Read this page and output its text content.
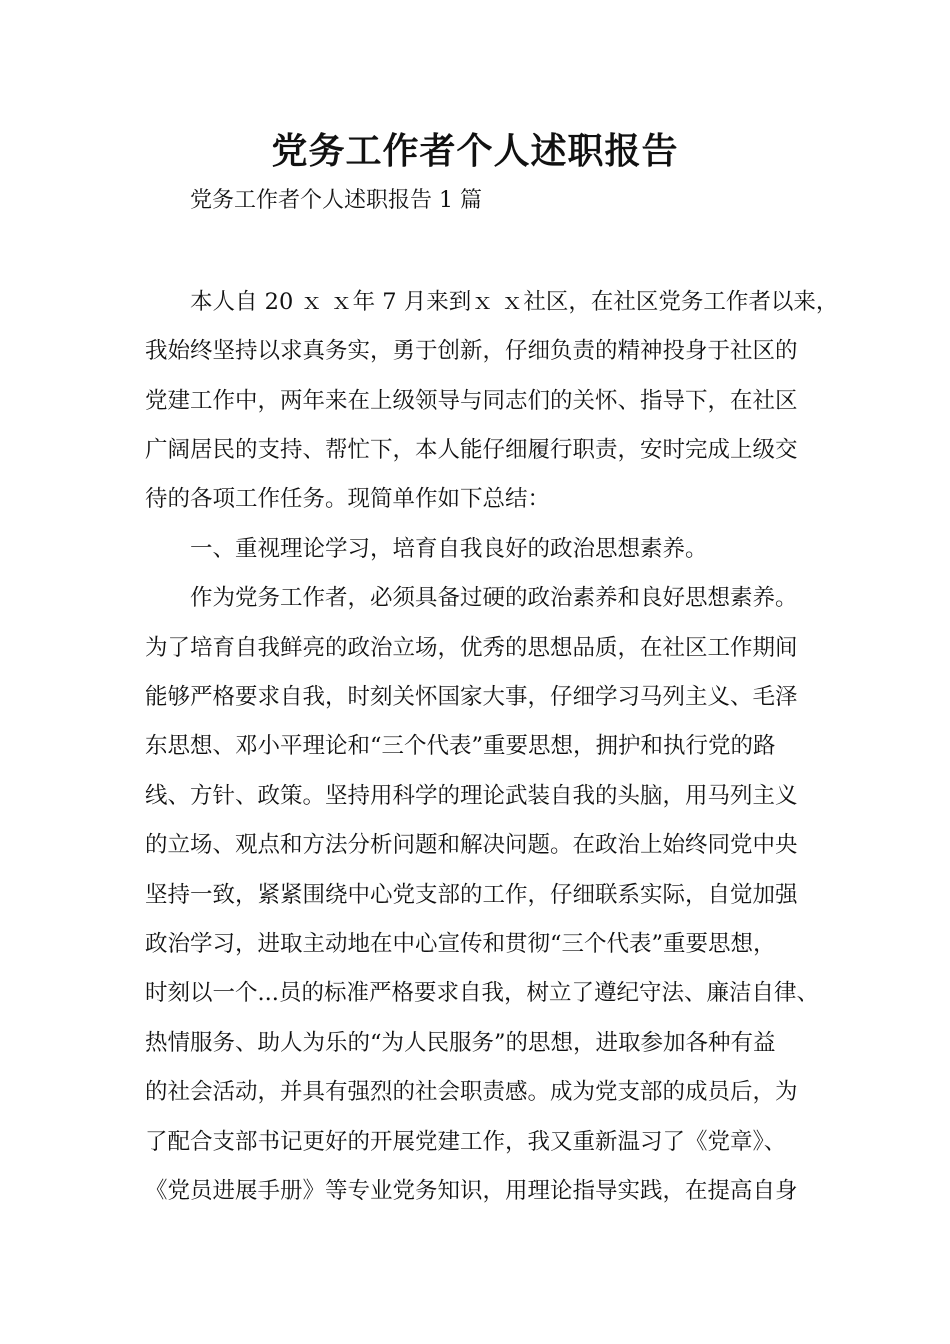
党务工作者个人述职报告
党务工作者个人述职报告 1 篇
本人自 20 ｘ ｘ年 7 月来到ｘ ｘ社区，在社区党务工作者以来，
我始终坚持以求真务实，勇于创新，仔细负责的精神投身于社区的
党建工作中，两年来在上级领导与同志们的关怀、指导下，在社区
广阔居民的支持、帮忙下，本人能仔细履行职责，安时完成上级交
待的各项工作任务。现简单作如下总结：
一、重视理论学习，培育自我良好的政治思想素养。
作为党务工作者，必须具备过硬的政治素养和良好思想素养。
为了培育自我鲜亮的政治立场，优秀的思想品质，在社区工作期间
能够严格要求自我，时刻关怀国家大事，仔细学习马列主义、毛泽
东思想、邓小平理论和“三个代表”重要思想，拥护和执行党的路
线、方针、政策。坚持用科学的理论武装自我的头脑，用马列主义
的立场、观点和方法分析问题和解决问题。在政治上始终同党中央
坚持一致，紧紧围绕中心党支部的工作，仔细联系实际，自觉加强
政治学习，进取主动地在中心宣传和贯彻“三个代表”重要思想，
时刻以一个...员的标准严格要求自我，树立了遵纪守法、廉洁自律、
热情服务、助人为乐的“为人民服务”的思想，进取参加各种有益
的社会活动，并具有强烈的社会职责感。成为党支部的成员后，为
了配合支部书记更好的开展党建工作，我又重新温习了《党章》、
《党员进展手册》等专业党务知识，用理论指导实践，在提高自身
